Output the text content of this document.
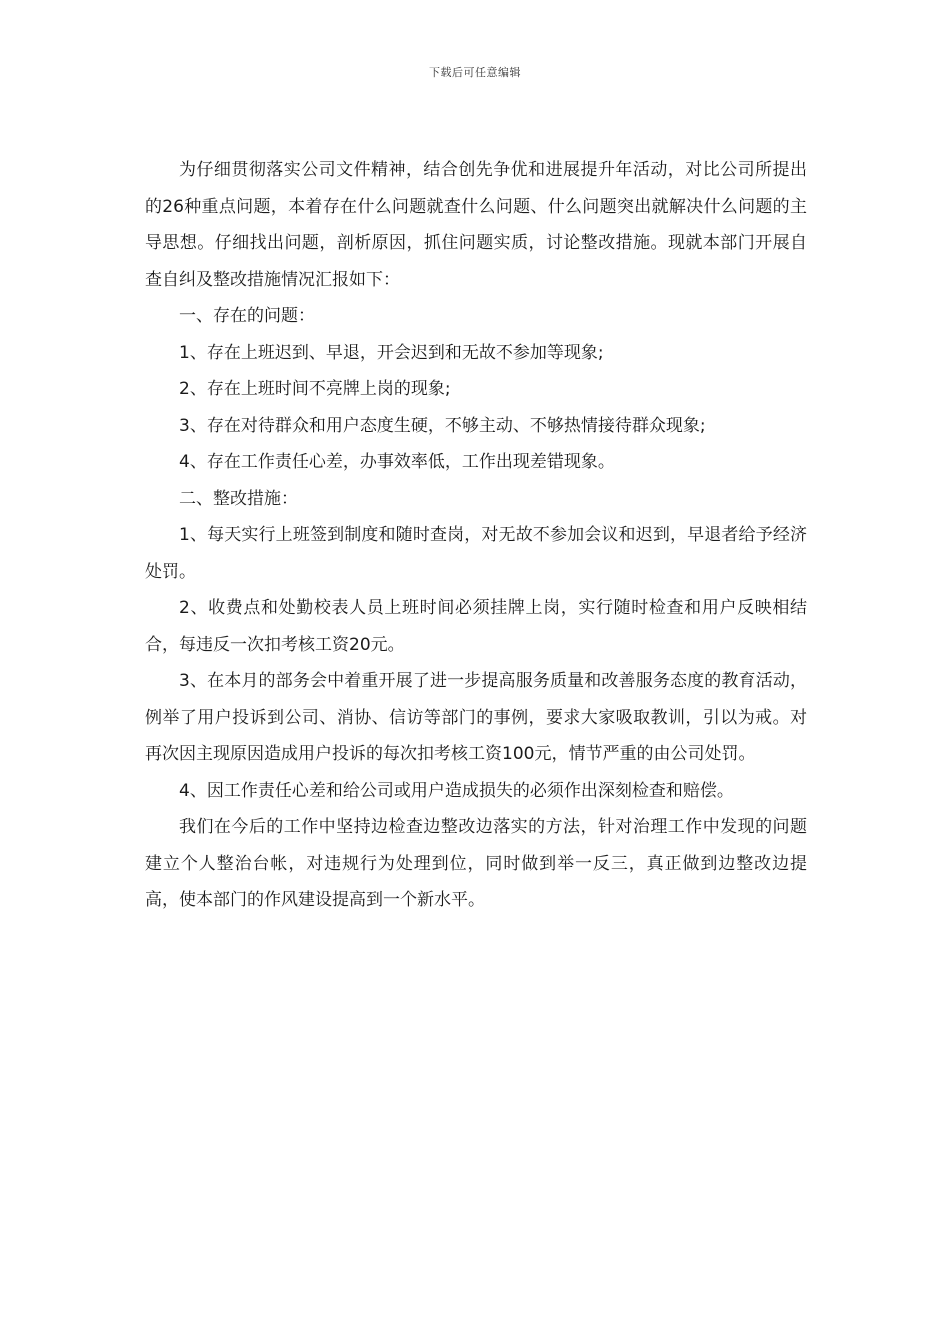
下载后可任意编辑

为仔细贯彻落实公司文件精神，结合创先争优和进展提升年活动，对比公司所提出的26种重点问题，本着存在什么问题就查什么问题、什么问题突出就解决什么问题的主导思想。仔细找出问题，剖析原因，抓住问题实质，讨论整改措施。现就本部门开展自查自纠及整改措施情况汇报如下：

一、存在的问题：

1、存在上班迟到、早退，开会迟到和无故不参加等现象;

2、存在上班时间不亮牌上岗的现象;

3、存在对待群众和用户态度生硬，不够主动、不够热情接待群众现象;

4、存在工作责任心差，办事效率低，工作出现差错现象。

二、整改措施：

1、每天实行上班签到制度和随时查岗，对无故不参加会议和迟到，早退者给予经济处罚。

2、收费点和处勤校表人员上班时间必须挂牌上岗，实行随时检查和用户反映相结合，每违反一次扣考核工资20元。

3、在本月的部务会中着重开展了进一步提高服务质量和改善服务态度的教育活动，例举了用户投诉到公司、消协、信访等部门的事例，要求大家吸取教训，引以为戒。对再次因主现原因造成用户投诉的每次扣考核工资100元，情节严重的由公司处罚。

4、因工作责任心差和给公司或用户造成损失的必须作出深刻检查和赔偿。

我们在今后的工作中坚持边检查边整改边落实的方法，针对治理工作中发现的问题建立个人整治台帐，对违规行为处理到位，同时做到举一反三，真正做到边整改边提高，使本部门的作风建设提高到一个新水平。
